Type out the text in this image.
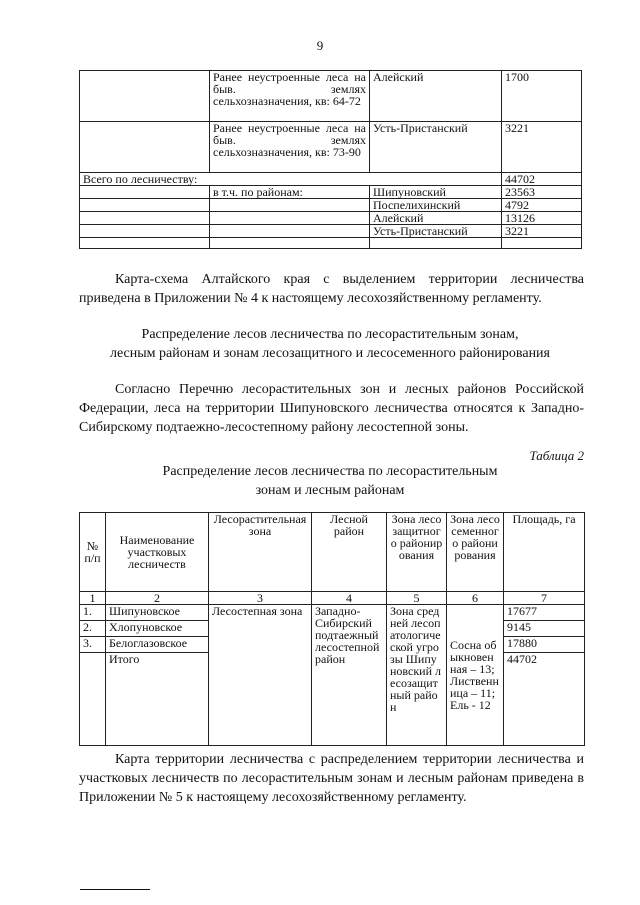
9
	Ранее неустроенные леса на быв. землях сельхозназначения, кв: 64-72	Алейский	1700
	Ранее неустроенные леса на быв. землях сельхозназначения, кв: 73-90	Усть-Пристанский	3221
Всего по лесничеству:			44702
	в т.ч. по районам:	Шипуновский	23563
		Поспелихинский	4792
		Алейский	13126
		Усть-Пристанский	3221

Карта-схема Алтайского края с выделением территории лесничества приведена в Приложении № 4 к настоящему лесохозяйственному регламенту.
Распределение лесов лесничества по лесорастительным зонам,
лесным районам и зонам лесозащитного и лесосеменного районирования
Согласно Перечню лесорастительных зон и лесных районов Российской Федерации, леса на территории Шипуновского лесничества относятся к Западно-Сибирскому подтаежно-лесостепному району лесостепной зоны.
Таблица 2
Распределение лесов лесничества по лесорастительным
зонам и лесным районам
№ п/п	Наименование участковых лесничеств	Лесорастительная зона	Лесной район	Зона лесозащитного районирования	Зона лесосеменного районирования	Площадь, га
1	2	3	4	5	6	7
1.	Шипуновское	Лесостепная зона	Западно-Сибирский подтаежный лесостепной район	Зона средней лесопатологической угрозы Шипуновский лесозащитный район	Сосна обыкновенная – 13; Лиственница – 11; Ель - 12	17677
2.	Хлопуновское					9145
3.	Белоглазовское					17880
	Итого					44702
Карта территории лесничества с распределением территории лесничества и участковых лесничеств по лесорастительным зонам и лесным районам приведена в Приложении № 5 к настоящему лесохозяйственному регламенту.
